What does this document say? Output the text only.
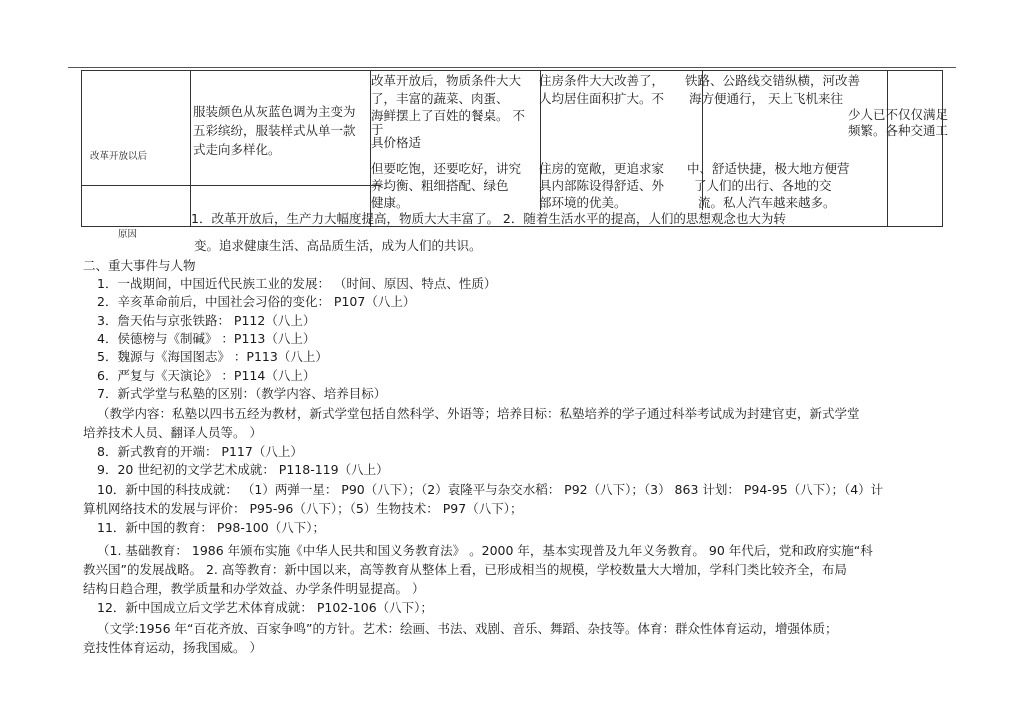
改革开放以后
服装颜色从灰蓝色调为主变为五彩缤纷，服装样式从单一款式走向多样化。
改革开放后，物质条件大大
了，丰富的蔬菜、肉蛋、
海鲜摆上了百姓的餐桌。 不
于
具价格适
但要吃饱，还要吃好，讲究
养均衡、粗细搭配、绿色
健康。
住房条件大大改善了，
人均居住面积扩大。不
住房的宽敞，更追求家
具内部陈设得舒适、外
部环境的优美。
铁路、公路线交错纵横，河改善
海方便通行， 天上飞机来往
中、舒适快捷，极大地方便营
了人们的出行、各地的交
流。私人汽车越来越多。
少人已不仅仅满足
频繁。各种交通工
1．改革开放后，生产力大幅度提高，物质大大丰富了。 2．随着生活水平的提高，人们的思想观念也大为转
原因
变。追求健康生活、高品质生活，成为人们的共识。
二、重大事件与人物
1．一战期间，中国近代民族工业的发展： （时间、原因、特点、性质）
2．辛亥革命前后，中国社会习俗的变化： P107（八上）
3．詹天佑与京张铁路： P112（八上）
4．侯德榜与《制碱》 ：P113（八上）
5．魏源与《海国图志》 ：P113（八上）
6．严复与《天演论》 ：P114（八上）
7．新式学堂与私塾的区别：（教学内容、培养目标）
（教学内容：私塾以四书五经为教材，新式学堂包括自然科学、外语等；培养目标：私塾培养的学子通过科举考试成为封建官吏，新式学堂
培养技术人员、翻译人员等。 ）
8．新式教育的开端： P117（八上）
9．20 世纪初的文学艺术成就： P118-119（八上）
10．新中国的科技成就： （1）两弹一星： P90（八下）；（2）袁隆平与杂交水稻： P92（八下）；（3） 863 计划： P94-95（八下）；（4）计
算机网络技术的发展与评价： P95-96（八下）；（5）生物技术： P97（八下）；
11．新中国的教育： P98-100（八下）；
（1. 基础教育： 1986 年颁布实施《中华人民共和国义务教育法》 。2000 年，基本实现普及九年义务教育。 90 年代后，党和政府实施“科
教兴国”的发展战略。 2. 高等教育：新中国以来，高等教育从整体上看，已形成相当的规模，学校数量大大增加，学科门类比较齐全，布局
结构日趋合理，教学质量和办学效益、办学条件明显提高。 ）
12．新中国成立后文学艺术体育成就： P102-106（八下）；
（文学:1956 年“百花齐放、百家争鸣”的方针。艺术：绘画、书法、戏剧、音乐、舞蹈、杂技等。体育：群众性体育运动，增强体质；
竞技性体育运动，扬我国威。 ）
